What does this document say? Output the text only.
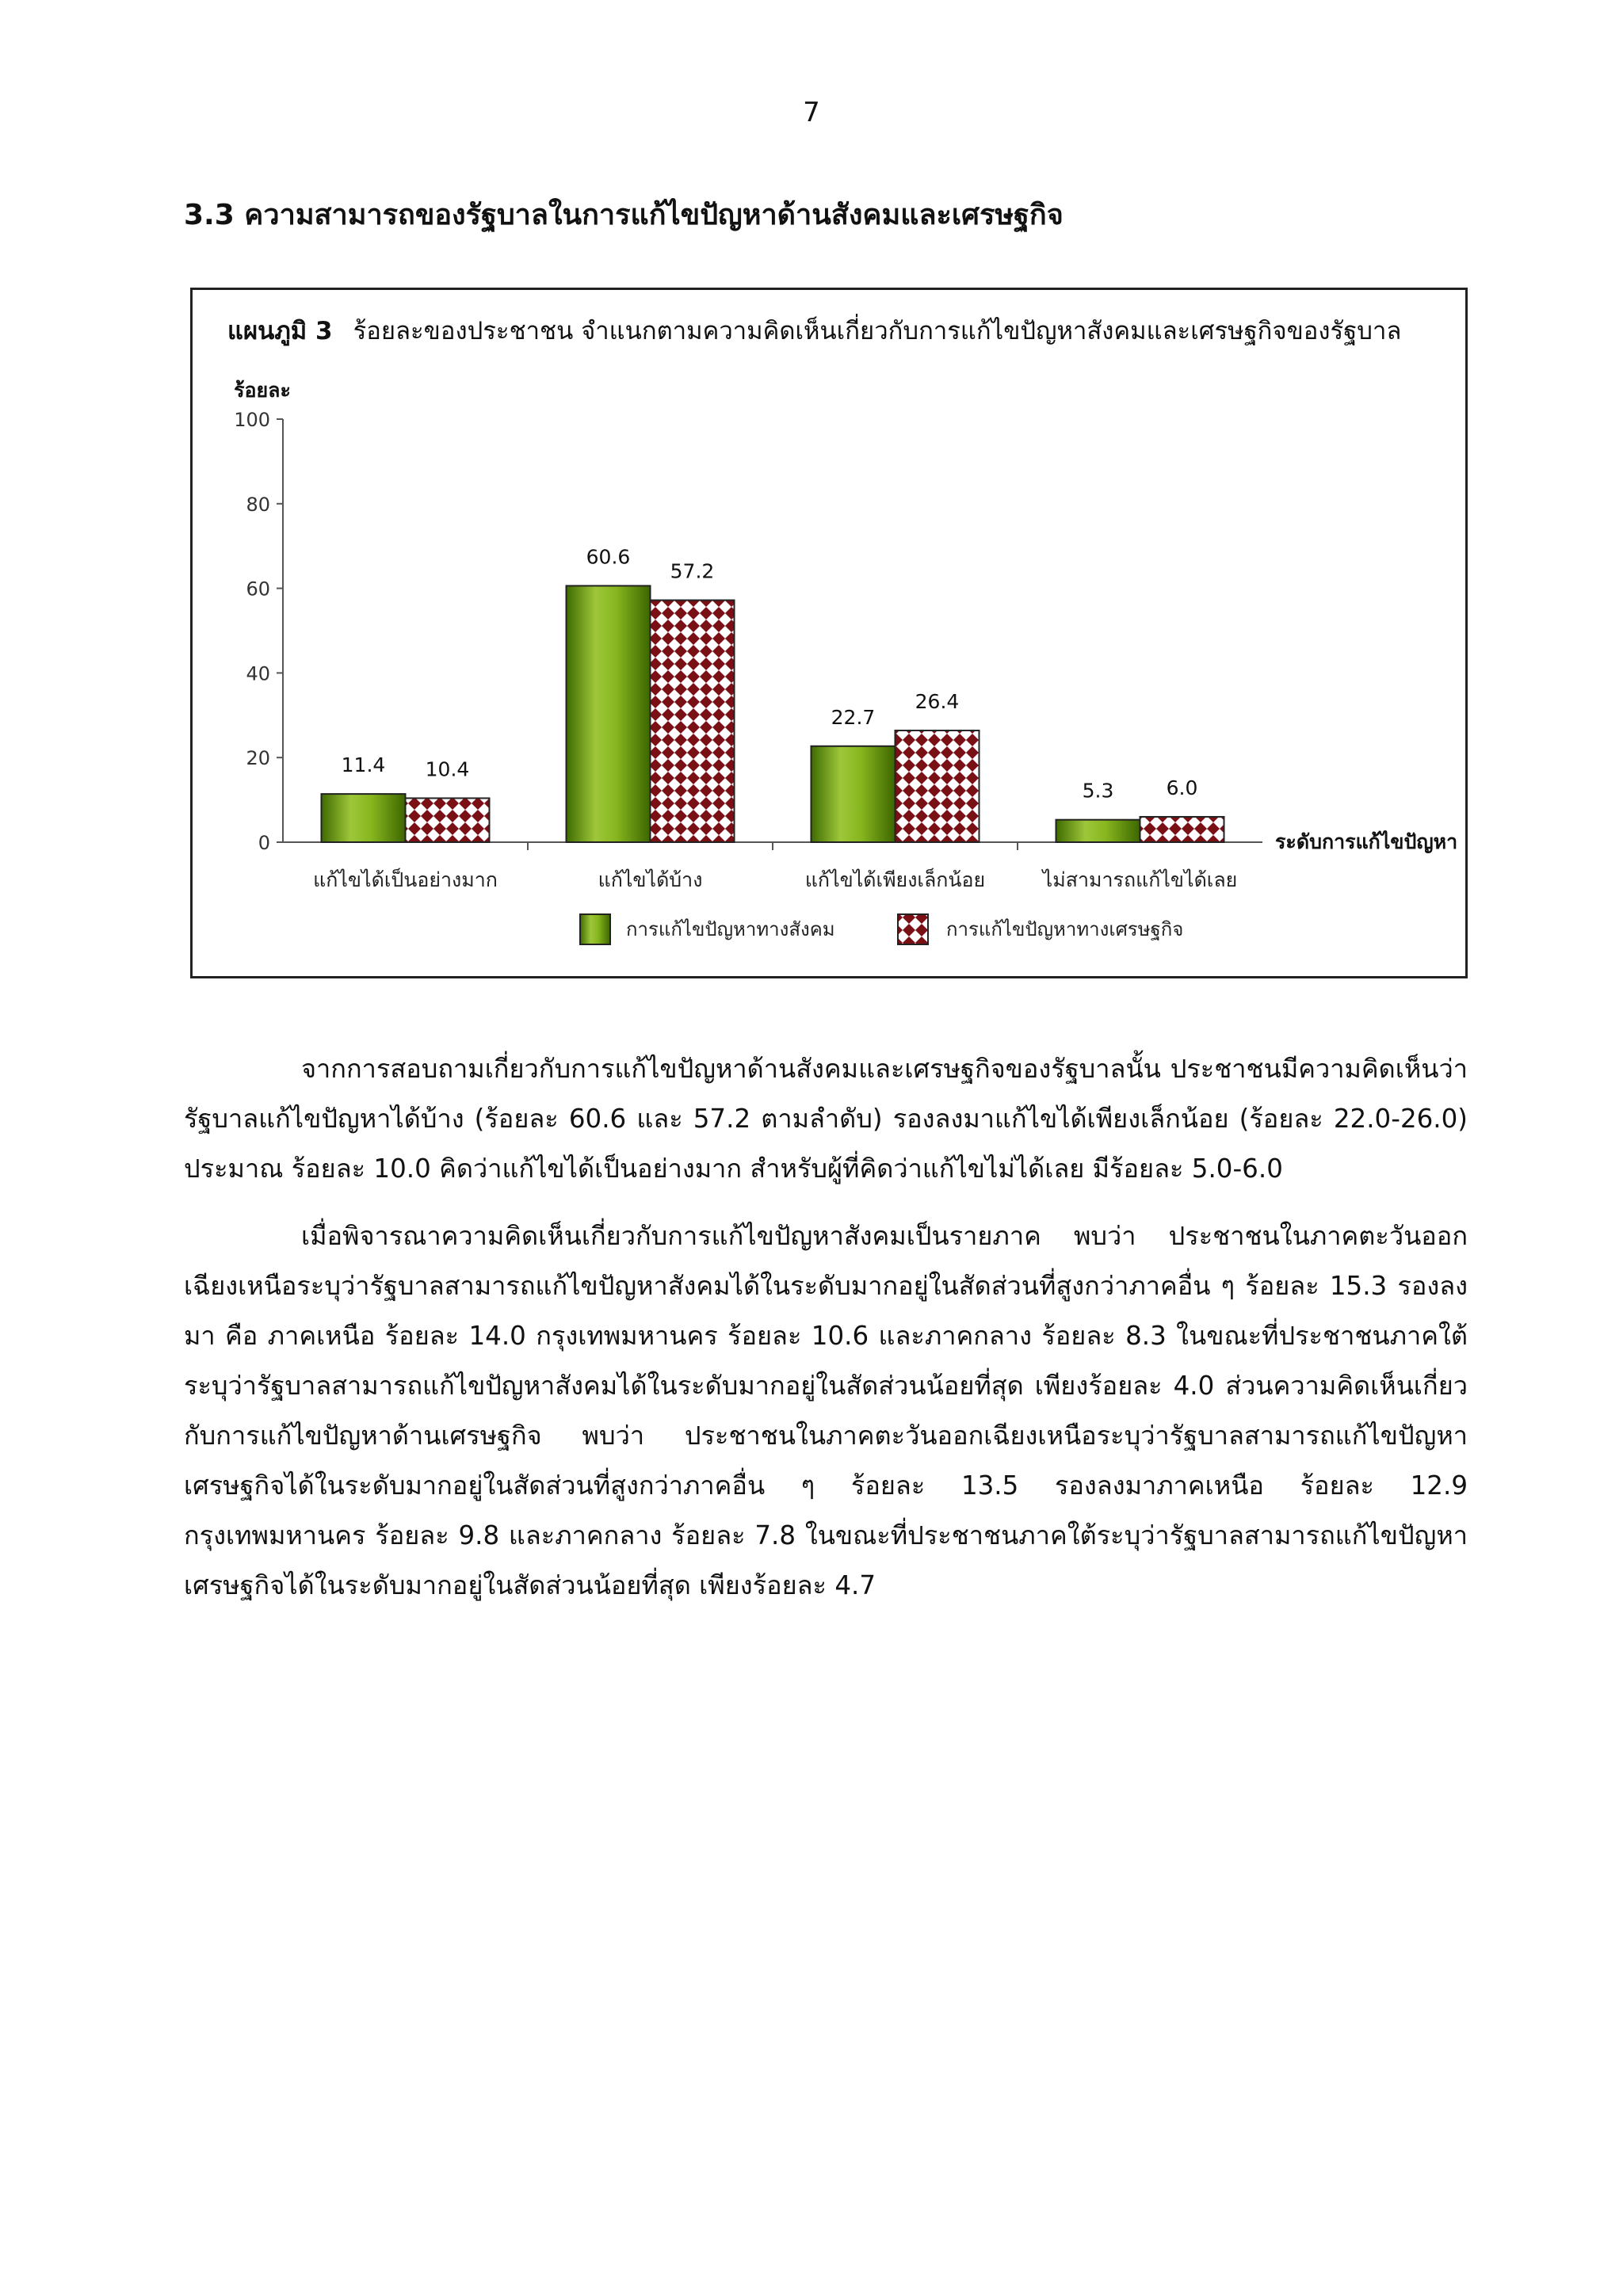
7
3.3 ความสามารถของรัฐบาลในการแก้ไขปัญหาด้านสังคมและเศรษฐกิจ
แผนภูมิ 3 ร้อยละของประชาชน จำแนกตามความคิดเห็นเกี่ยวกับการแก้ไขปัญหาสังคมและเศรษฐกิจของรัฐบาล
0
20
40
60
80
100
ร้อยละ
ระดับการแก้ไขปัญหา
11.4 10.4
แก้ไขได้เป็นอย่างมาก
60.6
57.2
แก้ไขได้บ้าง
22.7
26.4
แก้ไขได้เพียงเล็กน้อย
5.3	6.0
ไม่สามารถแก้ไขได้เลย
การแก้ไขปัญหาทางสังคม	การแก้ไขปัญหาทางเศรษฐกิจ

จากการสอบถามเกี่ยวกับการแก้ไขปัญหาด้านสังคมและเศรษฐกิจของรัฐบาลนั้น ประชาชนมีความคิดเห็นว่ารัฐบาลแก้ไขปัญหาได้บ้าง (ร้อยละ 60.6 และ 57.2 ตามลำดับ) รองลงมาแก้ไขได้เพียงเล็กน้อย (ร้อยละ 22.0-26.0) ประมาณ ร้อยละ 10.0 คิดว่าแก้ไขได้เป็นอย่างมาก สำหรับผู้ที่คิดว่าแก้ไขไม่ได้เลย มีร้อยละ 5.0-6.0

เมื่อพิจารณาความคิดเห็นเกี่ยวกับการแก้ไขปัญหาสังคมเป็นรายภาค พบว่า ประชาชนในภาคตะวันออกเฉียงเหนือระบุว่ารัฐบาลสามารถแก้ไขปัญหาสังคมได้ในระดับมากอยู่ในสัดส่วนที่สูงกว่าภาคอื่น ๆ ร้อยละ 15.3 รองลงมา คือ ภาคเหนือ ร้อยละ 14.0 กรุงเทพมหานคร ร้อยละ 10.6 และภาคกลาง ร้อยละ 8.3 ในขณะที่ประชาชนภาคใต้ระบุว่ารัฐบาลสามารถแก้ไขปัญหาสังคมได้ในระดับมากอยู่ในสัดส่วนน้อยที่สุด เพียงร้อยละ 4.0 ส่วนความคิดเห็นเกี่ยวกับการแก้ไขปัญหาด้านเศรษฐกิจ พบว่า ประชาชนในภาคตะวันออกเฉียงเหนือระบุว่ารัฐบาลสามารถแก้ไขปัญหาเศรษฐกิจได้ในระดับมากอยู่ในสัดส่วนที่สูงกว่าภาคอื่น ๆ ร้อยละ 13.5 รองลงมาภาคเหนือ ร้อยละ 12.9 กรุงเทพมหานคร ร้อยละ 9.8 และภาคกลาง ร้อยละ 7.8 ในขณะที่ประชาชนภาคใต้ระบุว่ารัฐบาลสามารถแก้ไขปัญหาเศรษฐกิจได้ในระดับมากอยู่ในสัดส่วนน้อยที่สุด เพียงร้อยละ 4.7
